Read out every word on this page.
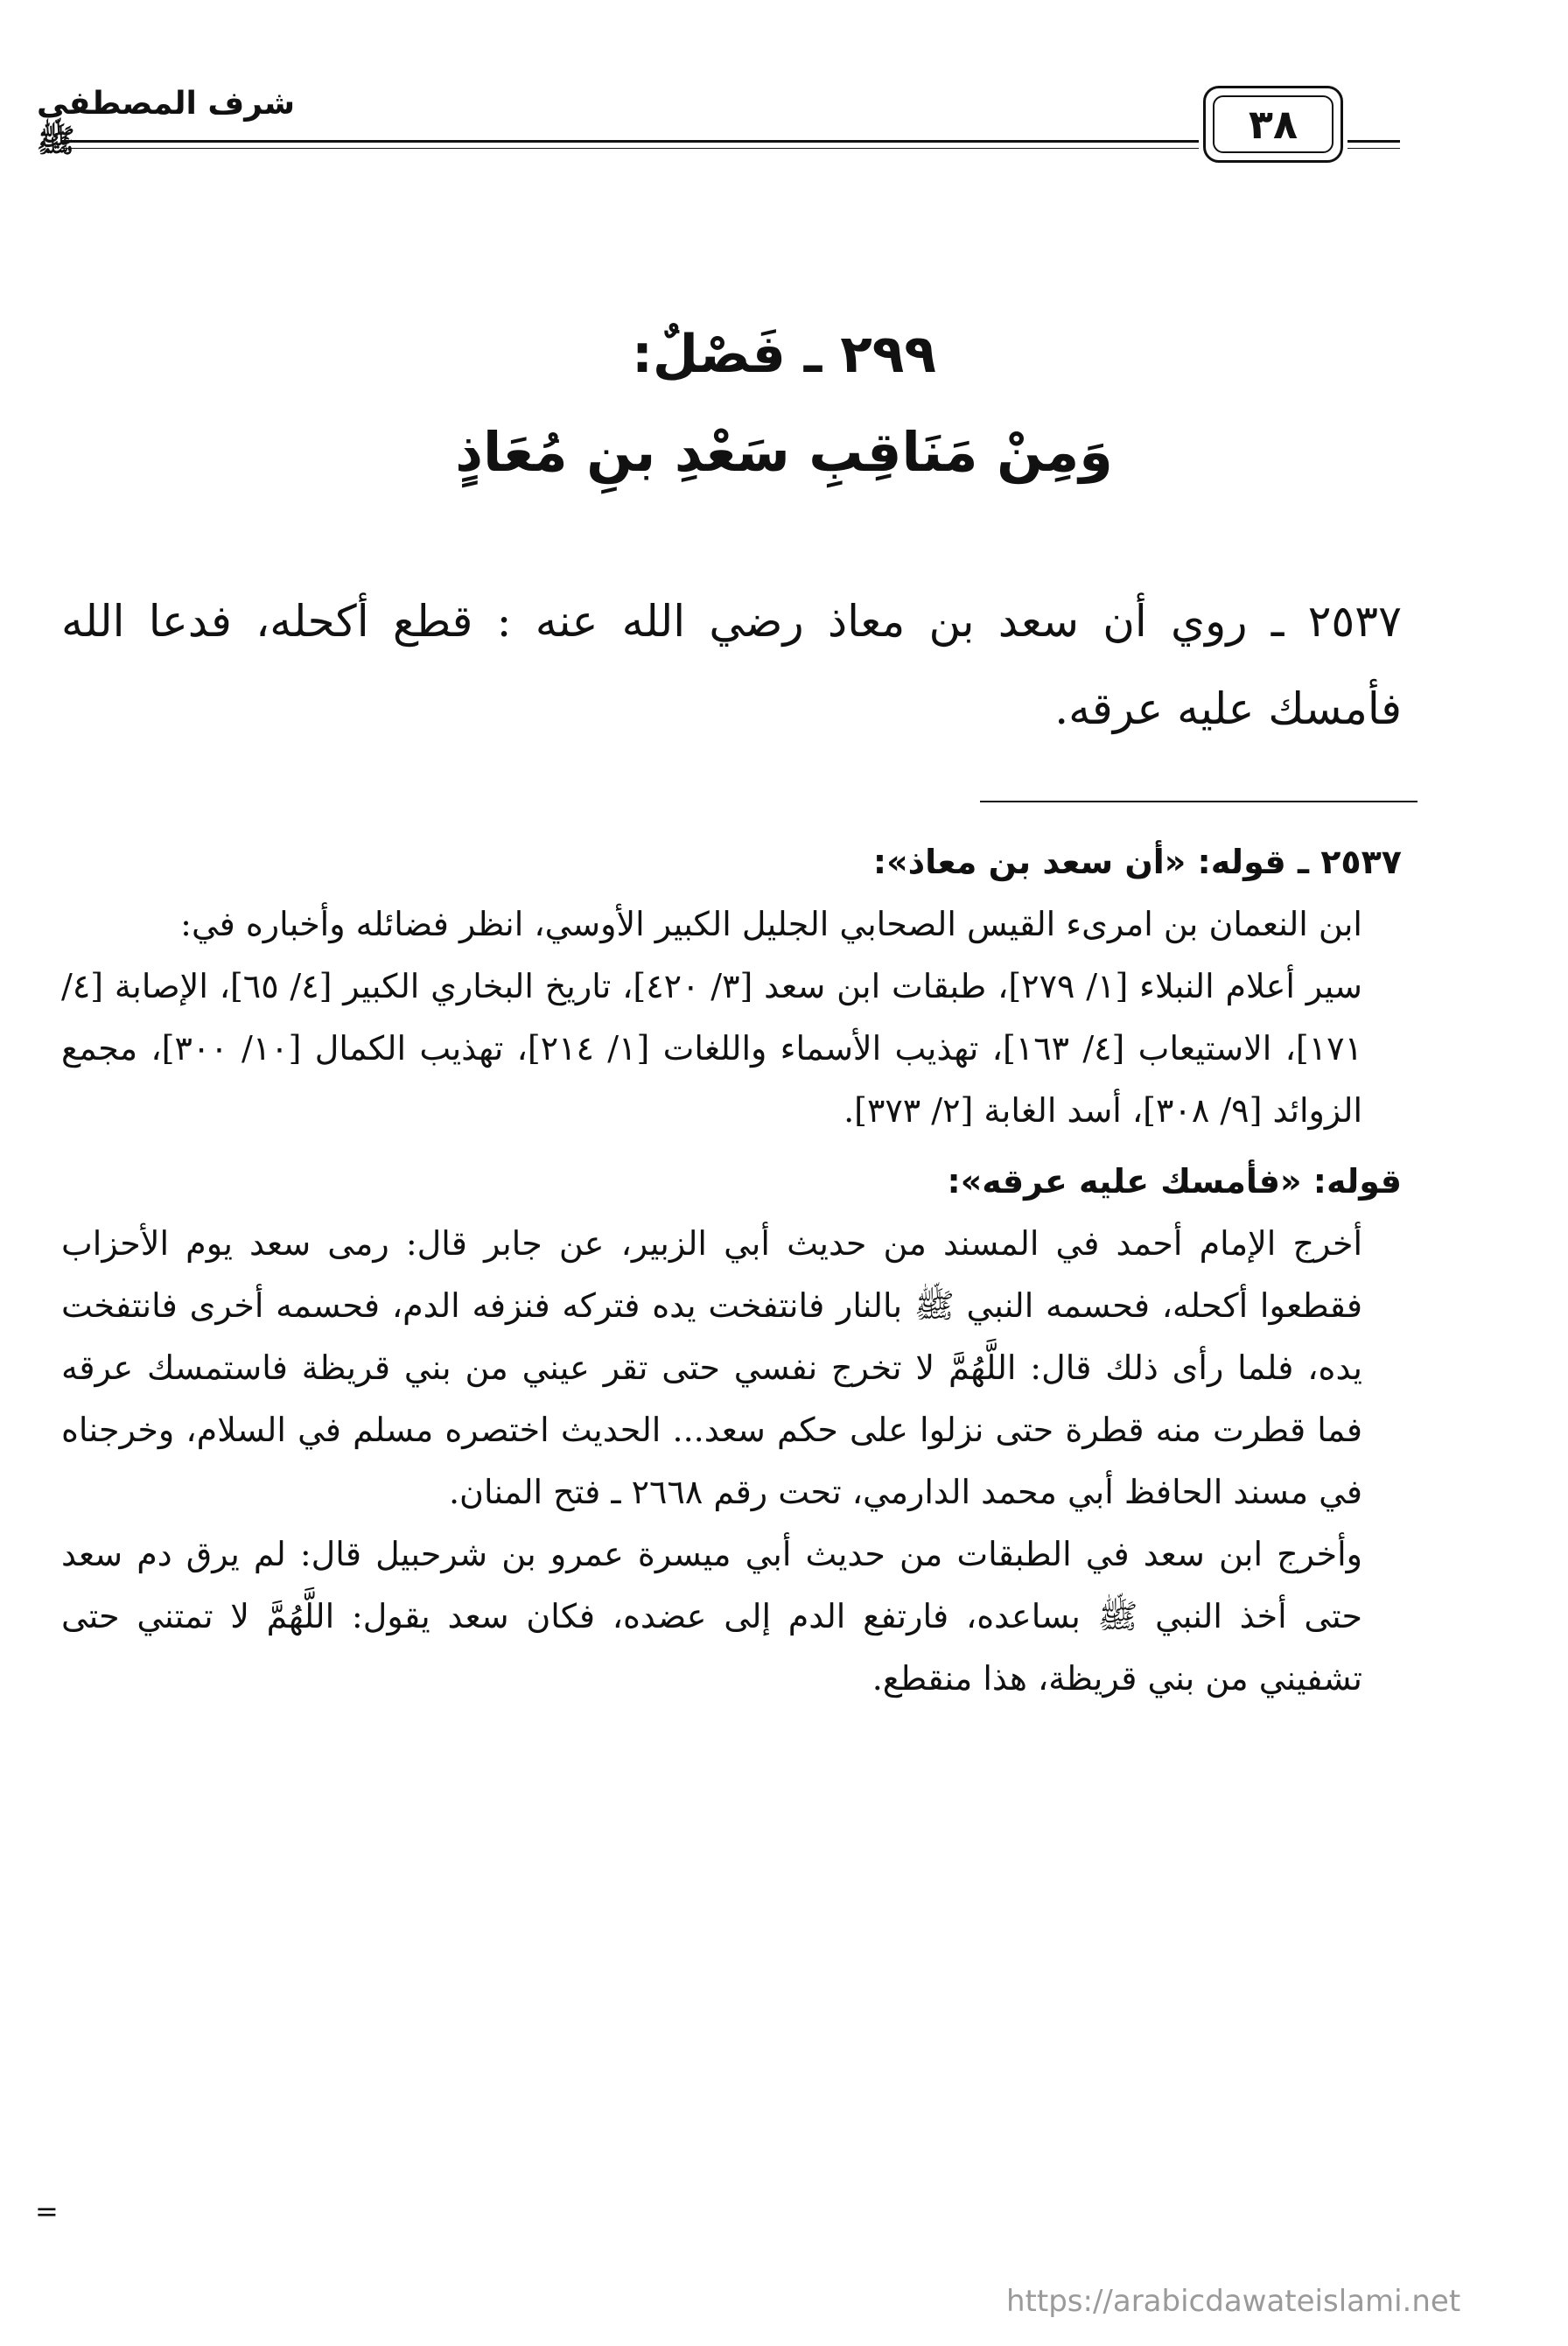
شرف المصطفى ﷺ	٣٨
٢٩٩ ـ فَصْلٌ:
وَمِنْ مَنَاقِبِ سَعْدِ بنِ مُعَاذٍ
٢٥٣٧ ـ روي أن سعد بن معاذ رضي الله عنه : قطع أكحله، فدعا الله فأمسك عليه عرقه.

٢٥٣٧ ـ قوله: «أن سعد بن معاذ»:

ابن النعمان بن امرىء القيس الصحابي الجليل الكبير الأوسي، انظر فضائله وأخباره في:

سير أعلام النبلاء [١/ ٢٧٩]، طبقات ابن سعد [٣/ ٤٢٠]، تاريخ البخاري الكبير [٤/ ٦٥]، الإصابة [٤/ ١٧١]، الاستيعاب [٤/ ١٦٣]، تهذيب الأسماء واللغات [١/ ٢١٤]، تهذيب الكمال [١٠/ ٣٠٠]، مجمع الزوائد [٩/ ٣٠٨]، أسد الغابة [٢/ ٣٧٣].

قوله: «فأمسك عليه عرقه»:

أخرج الإمام أحمد في المسند من حديث أبي الزبير، عن جابر قال: رمى سعد يوم الأحزاب فقطعوا أكحله، فحسمه النبي ﷺ بالنار فانتفخت يده فتركه فنزفه الدم، فحسمه أخرى فانتفخت يده، فلما رأى ذلك قال: اللَّهُمَّ لا تخرج نفسي حتى تقر عيني من بني قريظة فاستمسك عرقه فما قطرت منه قطرة حتى نزلوا على حكم سعد... الحديث اختصره مسلم في السلام، وخرجناه في مسند الحافظ أبي محمد الدارمي، تحت رقم ٢٦٦٨ ـ فتح المنان.

وأخرج ابن سعد في الطبقات من حديث أبي ميسرة عمرو بن شرحبيل قال: لم يرق دم سعد حتى أخذ النبي ﷺ بساعده، فارتفع الدم إلى عضده، فكان سعد يقول: اللَّهُمَّ لا تمتني حتى تشفيني من بني قريظة، هذا منقطع.

=
https://arabicdawateislami.net
